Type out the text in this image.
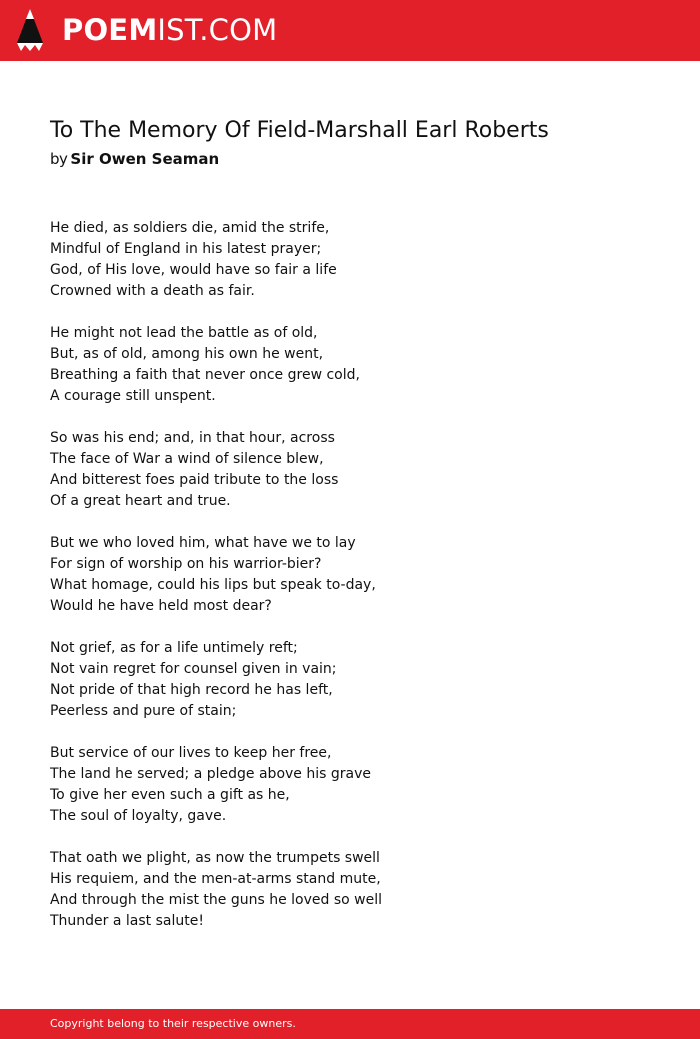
POEMIST.COM
To The Memory Of Field-Marshall Earl Roberts
by Sir Owen Seaman
He died, as soldiers die, amid the strife,
Mindful of England in his latest prayer;
God, of His love, would have so fair a life
Crowned with a death as fair.
He might not lead the battle as of old,
But, as of old, among his own he went,
Breathing a faith that never once grew cold,
A courage still unspent.
So was his end; and, in that hour, across
The face of War a wind of silence blew,
And bitterest foes paid tribute to the loss
Of a great heart and true.
But we who loved him, what have we to lay
For sign of worship on his warrior-bier?
What homage, could his lips but speak to-day,
Would he have held most dear?
Not grief, as for a life untimely reft;
Not vain regret for counsel given in vain;
Not pride of that high record he has left,
Peerless and pure of stain;
But service of our lives to keep her free,
The land he served; a pledge above his grave
To give her even such a gift as he,
The soul of loyalty, gave.
That oath we plight, as now the trumpets swell
His requiem, and the men-at-arms stand mute,
And through the mist the guns he loved so well
Thunder a last salute!
Copyright belong to their respective owners.
